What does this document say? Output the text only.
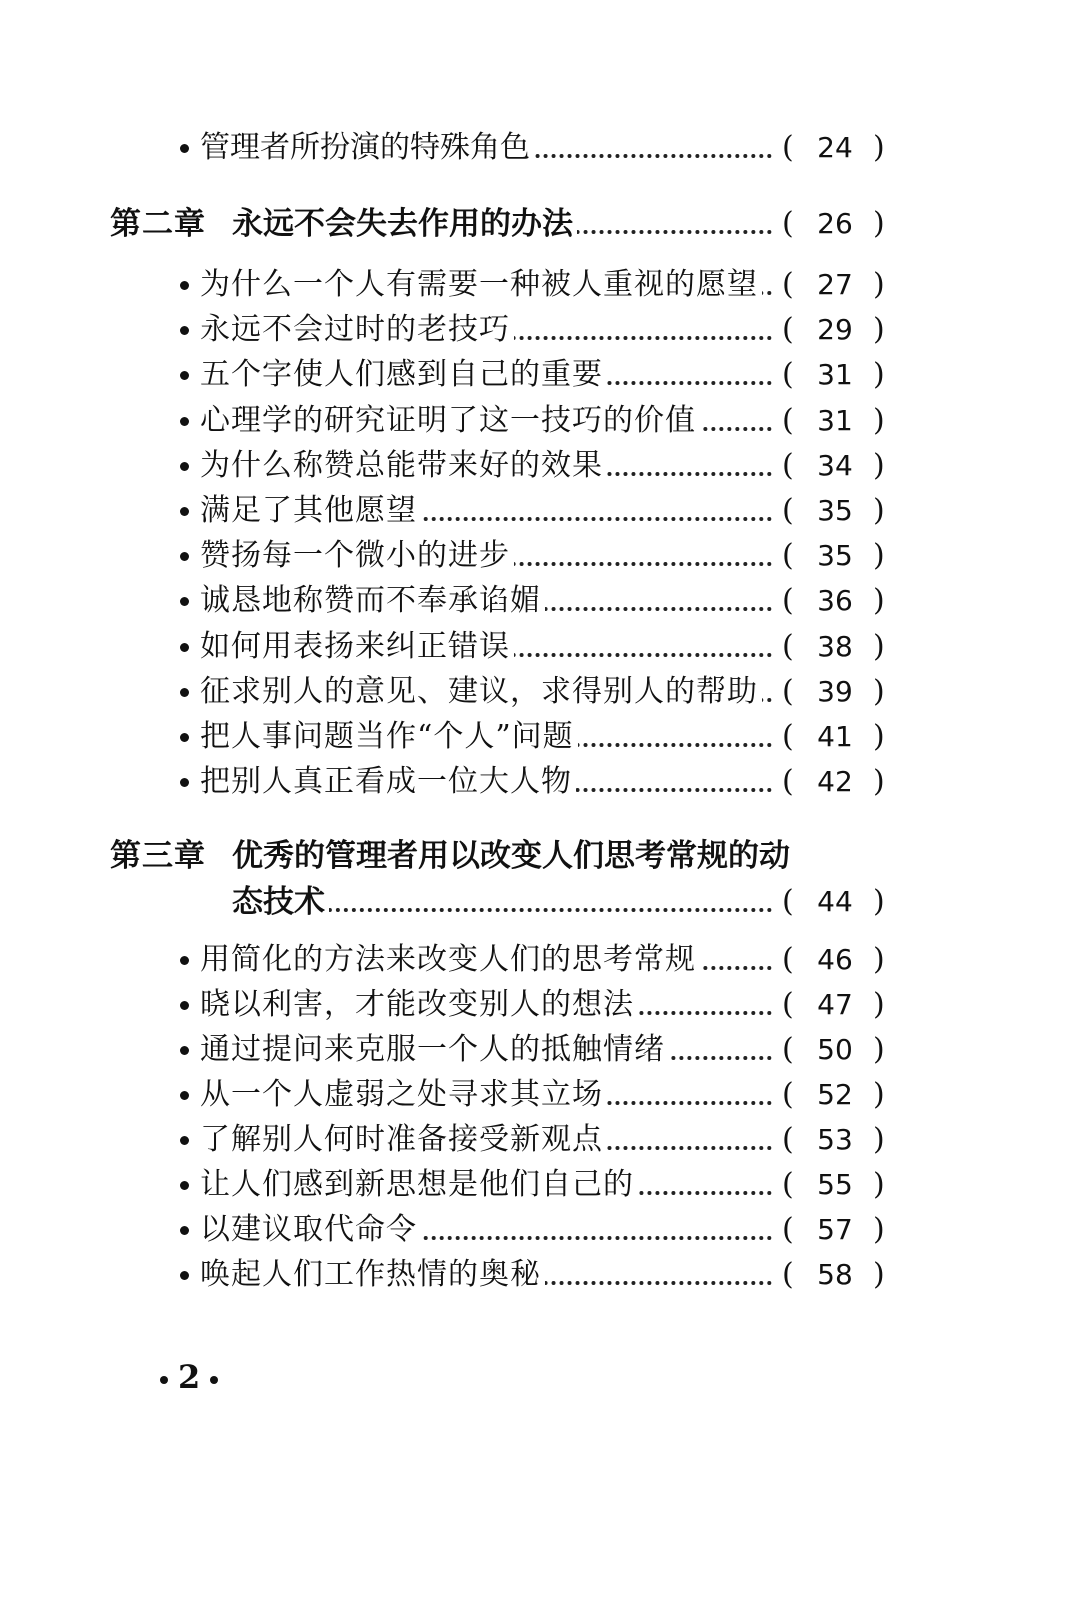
管理者所扮演的特殊角色	( 24 )
第二章 永远不会失去作用的办法	( 26 )
为什么一个人有需要一种被人重视的愿望 ( 27 )
永远不会过时的老技巧	( 29 )
五个字使人们感到自己的重要	( 31 )
心理学的研究证明了这一技巧的价值	( 31 )
为什么称赞总能带来好的效果	( 34 )
满足了其他愿望	( 35 )
赞扬每一个微小的进步	( 35 )
诚恳地称赞而不奉承谄媚	( 36 )
如何用表扬来纠正错误	( 38 )
征求别人的意见、建议，求得别人的帮助 ( 39 )
把人事问题当作“个人”问题	( 41 )
把别人真正看成一位大人物	( 42 )
第三章 优秀的管理者用以改变人们思考常规的动
态技术	( 44 )
用简化的方法来改变人们的思考常规	( 46 )
晓以利害，才能改变别人的想法	( 47 )
通过提问来克服一个人的抵触情绪	( 50 )
从一个人虚弱之处寻求其立场	( 52 )
了解别人何时准备接受新观点	( 53 )
让人们感到新思想是他们自己的	( 55 )
以建议取代命令	( 57 )
唤起人们工作热情的奥秘	( 58 )
2
